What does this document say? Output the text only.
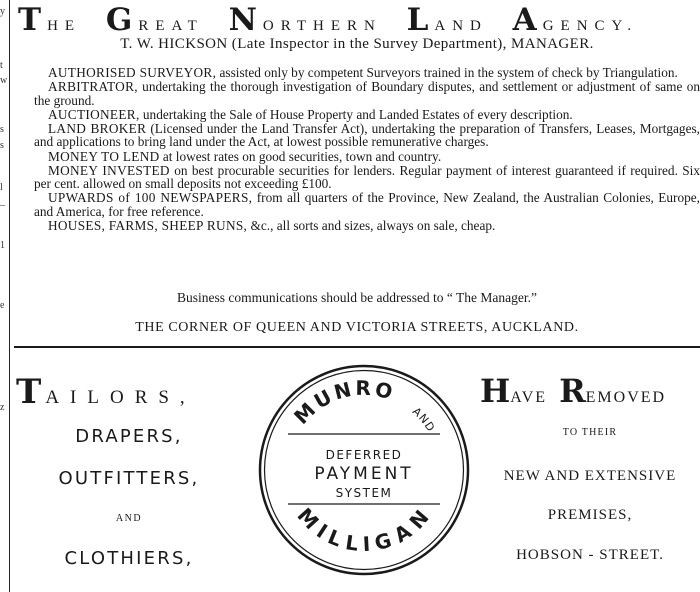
y
t
w
s
s
l
–
1
e
z
THE G REAT N ORTHERN L AND A GENCY.
T. W. HICKSON (Late Inspector in the Survey Department), MANAGER.

AUTHORISED SURVEYOR, assisted only by competent Surveyors trained in the system of check by Triangulation.

ARBITRATOR, undertaking the thorough investigation of Boundary disputes, and settlement or adjustment of same on the ground.

AUCTIONEER, undertaking the Sale of House Property and Landed Estates of every description.

LAND BROKER (Licensed under the Land Transfer Act), undertaking the preparation of Transfers, Leases, Mortgages, and applications to bring land under the Act, at lowest possible remunerative charges.

MONEY TO LEND at lowest rates on good securities, town and country.

MONEY INVESTED on best procurable securities for lenders. Regular payment of interest guaranteed if required. Six per cent. allowed on small deposits not exceeding £100.

UPWARDS of 100 NEWSPAPERS, from all quarters of the Province, New Zealand, the Australian Colonies, Europe, and America, for free reference.

HOUSES, FARMS, SHEEP RUNS, &c., all sorts and sizes, always on sale, cheap.

Business communications should be addressed to “ The Manager.”
THE CORNER OF QUEEN AND VICTORIA STREETS, AUCKLAND.
TAILORS,
DRAPERS,
OUTFITTERS,
AND
CLOTHIERS,
MUNRO
AND
DEFERRED
PAYMENT
SYSTEM
MILLIGAN
HAVE REMOVED
TO THEIR
NEW AND EXTENSIVE
PREMISES,
HOBSON - STREET.
